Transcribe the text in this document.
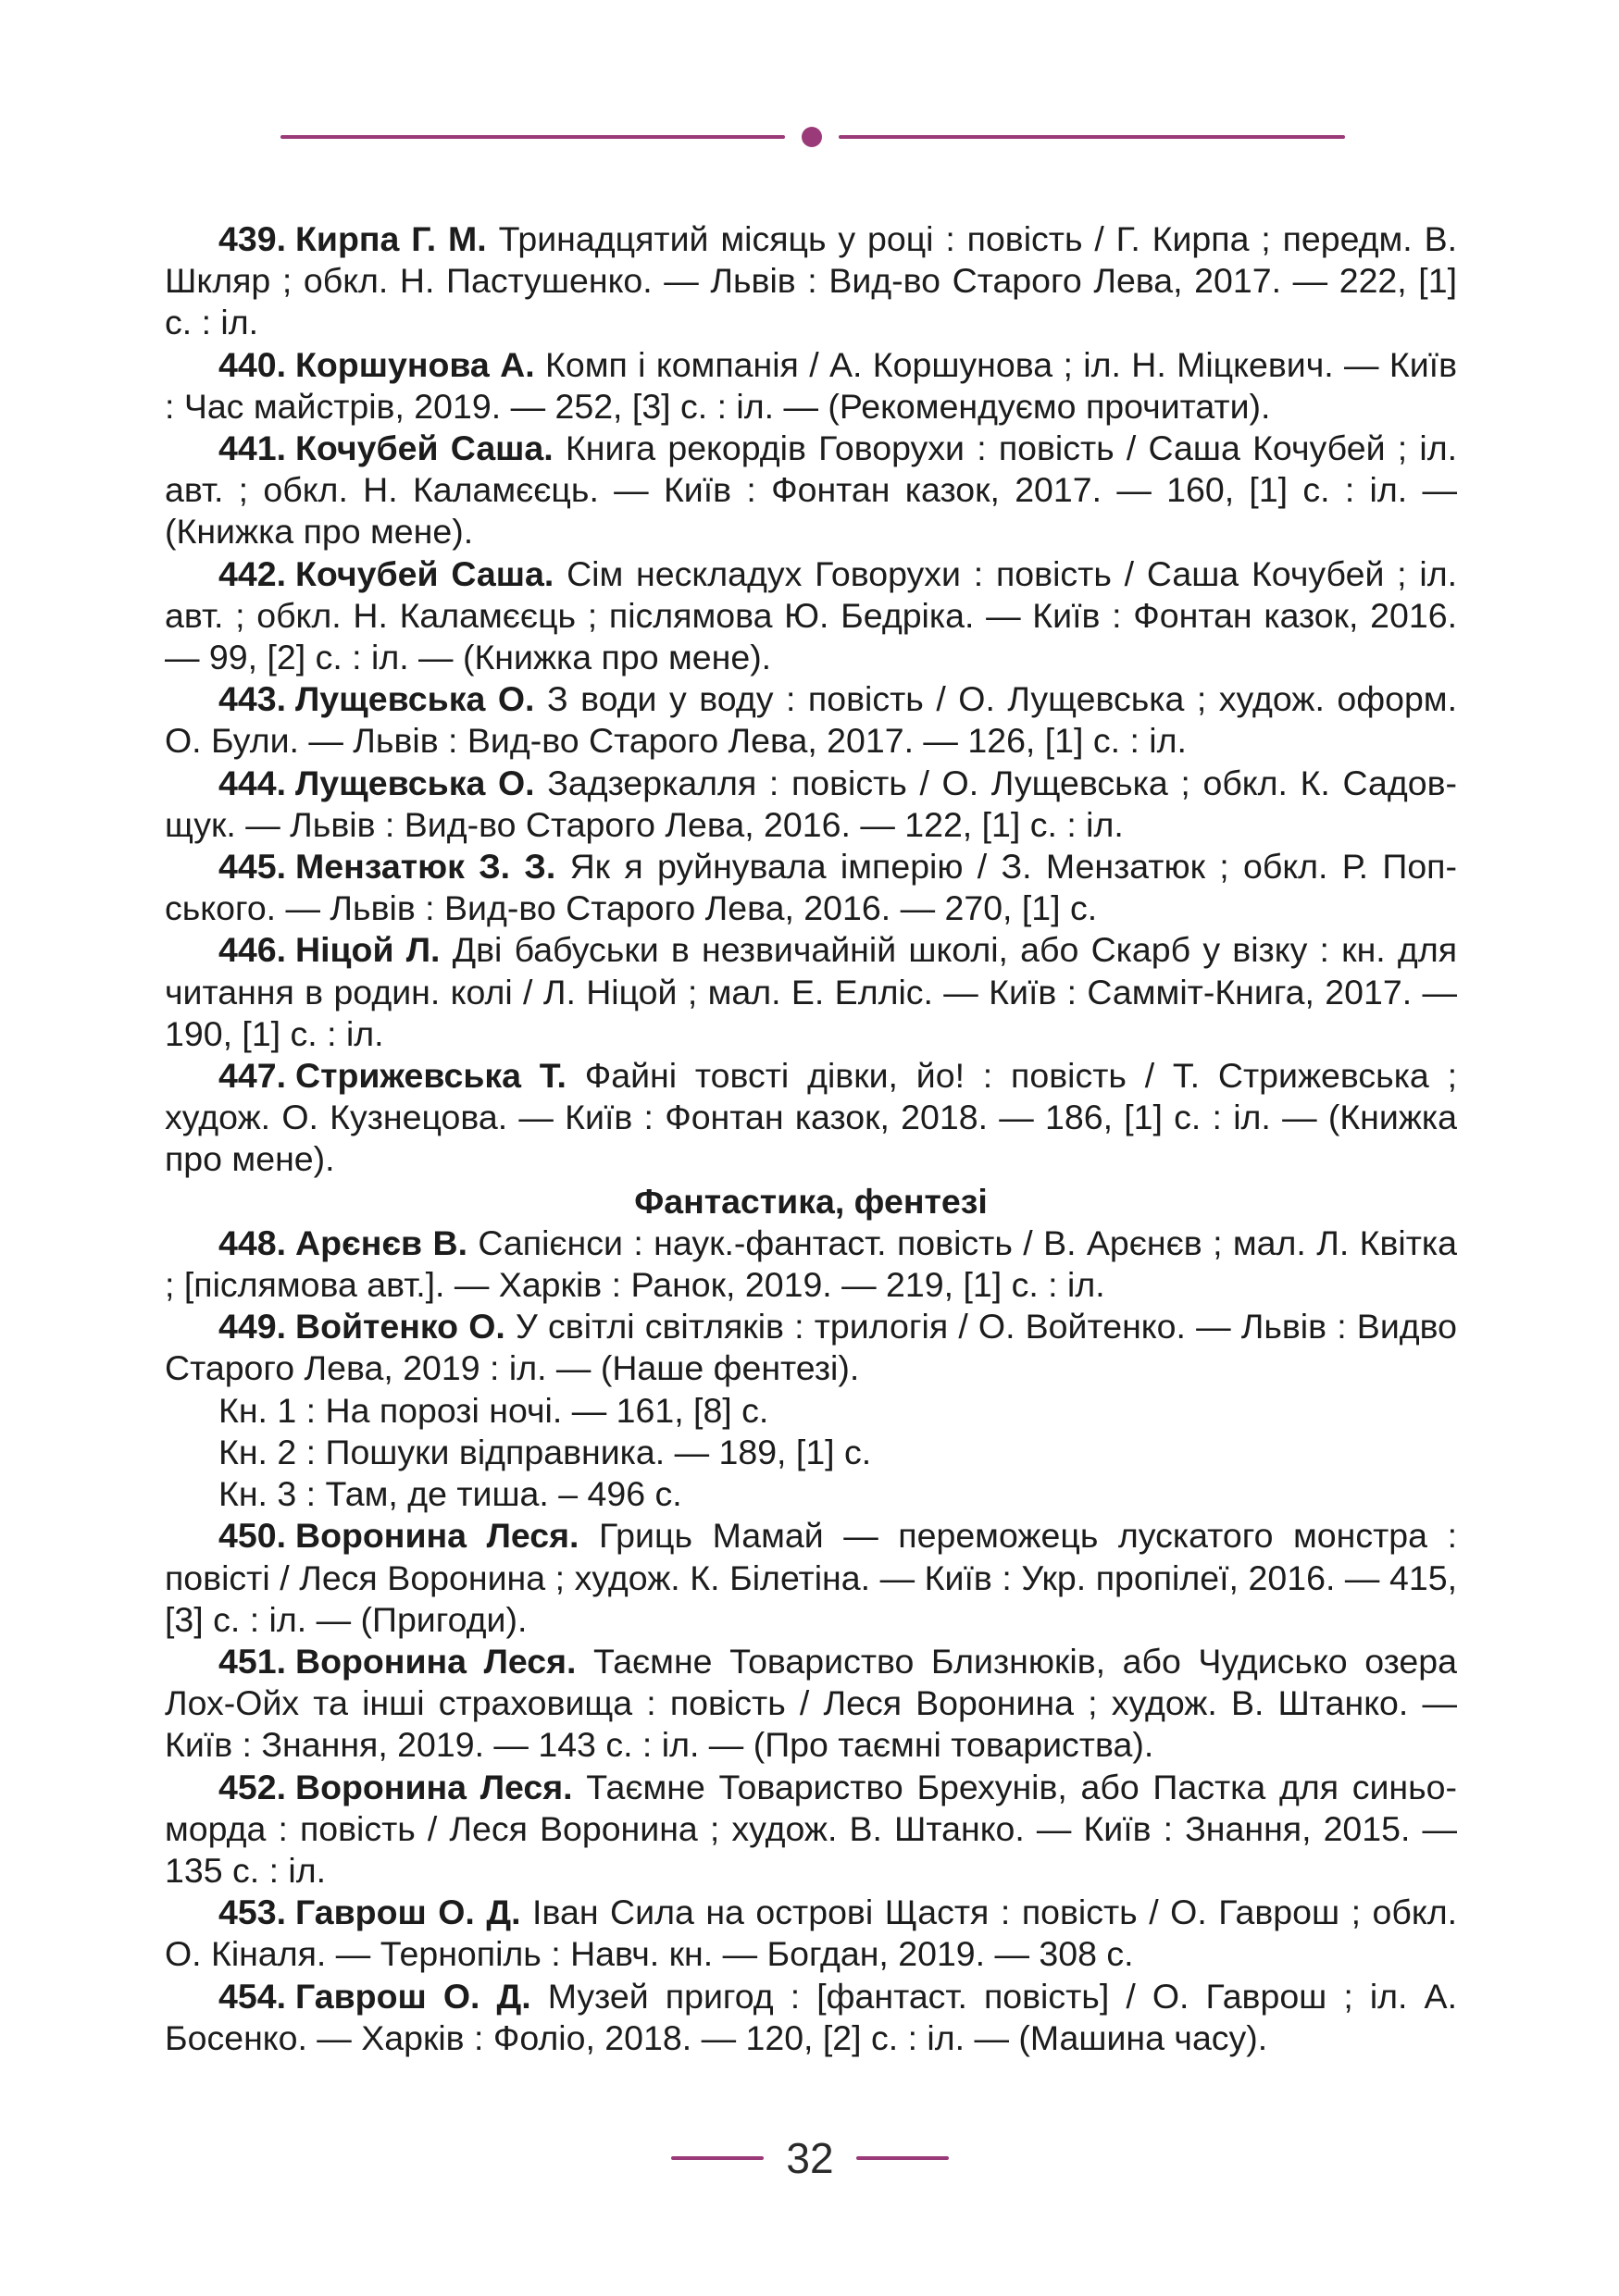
439. Кирпа Г. М. Тринадцятий місяць у році : повість / Г. Кирпа ; передм. В. Шкляр ; обкл. Н. Пастушенко. — Львів : Вид-во Старого Лева, 2017. — 222, [1] с. : іл.

440. Коршунова А. Комп і компанія / А. Коршунова ; іл. Н. Міцкевич. — Київ : Час майстрів, 2019. — 252, [3] с. : іл. — (Рекомендуємо прочитати).

441. Кочубей Саша. Книга рекордів Говорухи : повість / Саша Кочубей ; іл. авт. ; обкл. Н. Каламєєць. — Київ : Фонтан казок, 2017. — 160, [1] с. : іл. — (Книжка про мене).

442. Кочубей Саша. Сім нескладух Говорухи : повість / Саша Кочубей ; іл. авт. ; обкл. Н. Каламєєць ; післямова Ю. Бедріка. — Київ : Фонтан казок, 2016. — 99, [2] с. : іл. — (Книжка про мене).

443. Лущевська О. З води у воду : повість / О. Лущевська ; худож. оформ. О. Були. — Львів : Вид-во Старого Лева, 2017. — 126, [1] с. : іл.

444. Лущевська О. Задзеркалля : повість / О. Лущевська ; обкл. К. Садовщук. — Львів : Вид-во Старого Лева, 2016. — 122, [1] с. : іл.

445. Мензатюк З. З. Як я руйнувала імперію / З. Мензатюк ; обкл. Р. Попського. — Львів : Вид-во Старого Лева, 2016. — 270, [1] с.

446. Ніцой Л. Дві бабуськи в незвичайній школі, або Скарб у візку : кн. для читання в родин. колі / Л. Ніцой ; мал. Е. Елліс. — Київ : Самміт-Книга, 2017. — 190, [1] с. : іл.

447. Стрижевська Т. Файні товсті дівки, йо! : повість / Т. Стрижевська ; худож. О. Кузнецова. — Київ : Фонтан казок, 2018. — 186, [1] с. : іл. — (Книжка про мене).

Фантастика, фентезі

448. Арєнєв В. Сапієнси : наук.-фантаст. повість / В. Арєнєв ; мал. Л. Квітка ; [післямова авт.]. — Харків : Ранок, 2019. — 219, [1] с. : іл.

449. Войтенко О. У світлі світляків : трилогія / О. Войтенко. — Львів : Видво Старого Лева, 2019 : іл. — (Наше фентезі).

Кн. 1 : На порозі ночі. — 161, [8] с.

Кн. 2 : Пошуки відправника. — 189, [1] с.

Кн. 3 : Там, де тиша. – 496 с.

450. Воронина Леся. Гриць Мамай — переможець лускатого монстра : повісті / Леся Воронина ; худож. К. Білетіна. — Київ : Укр. пропілеї, 2016. — 415, [3] с. : іл. — (Пригоди).

451. Воронина Леся. Таємне Товариство Близнюків, або Чудисько озера Лох-Ойх та інші страховища : повість / Леся Воронина ; худож. В. Штанко. — Київ : Знання, 2019. — 143 с. : іл. — (Про таємні товариства).

452. Воронина Леся. Таємне Товариство Брехунів, або Пастка для синьоморда : повість / Леся Воронина ; худож. В. Штанко. — Київ : Знання, 2015. — 135 с. : іл.

453. Гаврош О. Д. Іван Сила на острові Щастя : повість / О. Гаврош ; обкл. О. Кіналя. — Тернопіль : Навч. кн. — Богдан, 2019. — 308 с.

454. Гаврош О. Д. Музей пригод : [фантаст. повість] / О. Гаврош ; іл. А. Босенко. — Харків : Фоліо, 2018. — 120, [2] с. : іл. — (Машина часу).

32
